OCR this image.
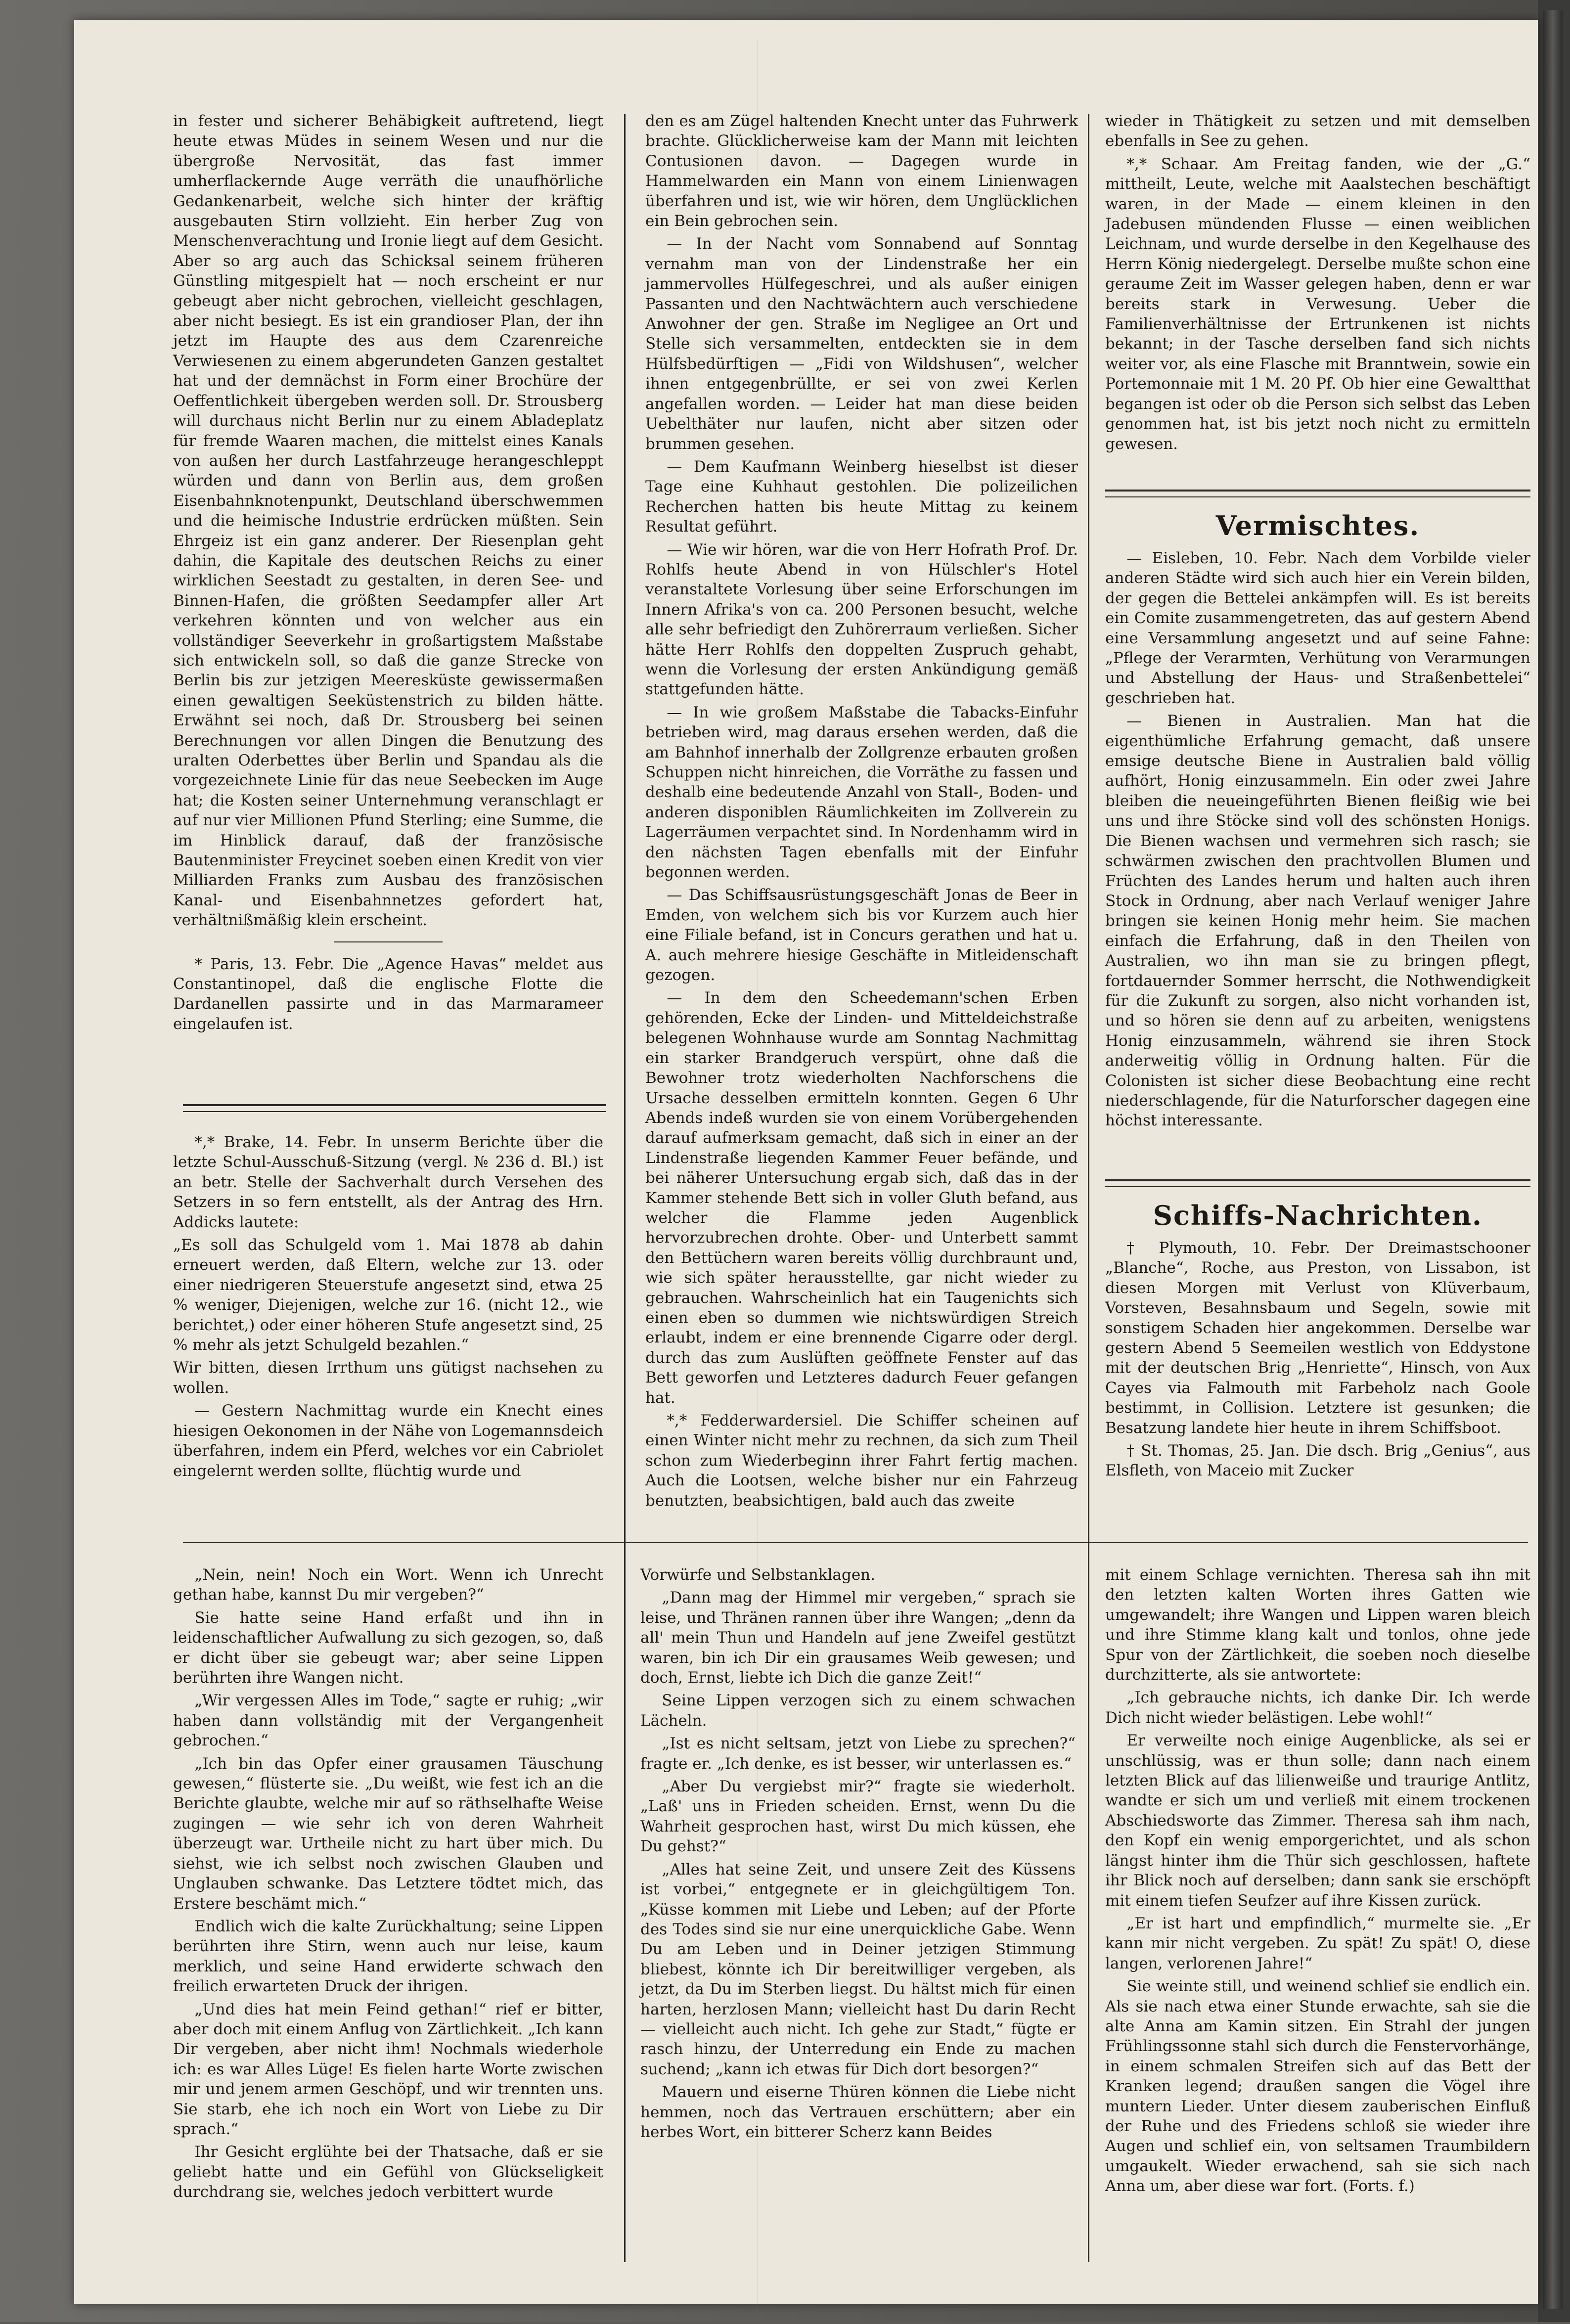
in fester und sicherer Behäbigkeit auftretend, liegt heute etwas Müdes in seinem Wesen und nur die übergroße Nervosität, das fast immer umherflackernde Auge verräth die unaufhörliche Gedankenarbeit, welche sich hinter der kräftig ausgebauten Stirn vollzieht. Ein herber Zug von Menschenverachtung und Ironie liegt auf dem Gesicht. Aber so arg auch das Schicksal seinem früheren Günstling mitgespielt hat — noch erscheint er nur gebeugt aber nicht gebrochen, vielleicht geschlagen, aber nicht besiegt. Es ist ein grandioser Plan, der ihn jetzt im Haupte des aus dem Czarenreiche Verwiesenen zu einem abgerundeten Ganzen gestaltet hat und der demnächst in Form einer Brochüre der Oeffentlichkeit übergeben werden soll. Dr. Strousberg will durchaus nicht Berlin nur zu einem Abladeplatz für fremde Waaren machen, die mittelst eines Kanals von außen her durch Lastfahrzeuge herangeschleppt würden und dann von Berlin aus, dem großen Eisenbahnknotenpunkt, Deutschland überschwemmen und die heimische Industrie erdrücken müßten. Sein Ehrgeiz ist ein ganz anderer. Der Riesenplan geht dahin, die Kapitale des deutschen Reichs zu einer wirklichen Seestadt zu gestalten, in deren See- und Binnen-Hafen, die größten Seedampfer aller Art verkehren könnten und von welcher aus ein vollständiger Seeverkehr in großartigstem Maßstabe sich entwickeln soll, so daß die ganze Strecke von Berlin bis zur jetzigen Meeresküste gewissermaßen einen gewaltigen Seeküstenstrich zu bilden hätte. Erwähnt sei noch, daß Dr. Strousberg bei seinen Berechnungen vor allen Dingen die Benutzung des uralten Oderbettes über Berlin und Spandau als die vorgezeichnete Linie für das neue Seebecken im Auge hat; die Kosten seiner Unternehmung veranschlagt er auf nur vier Millionen Pfund Sterling; eine Summe, die im Hinblick darauf, daß der französische Bautenminister Freycinet soeben einen Kredit von vier Milliarden Franks zum Ausbau des französischen Kanal- und Eisenbahnnetzes gefordert hat, verhältnißmäßig klein erscheint.

* Paris, 13. Febr. Die „Agence Havas“ meldet aus Constantinopel, daß die englische Flotte die Dardanellen passirte und in das Marmarameer eingelaufen ist.

*,* Brake, 14. Febr. In unserm Berichte über die letzte Schul-Ausschuß-Sitzung (vergl. № 236 d. Bl.) ist an betr. Stelle der Sachverhalt durch Versehen des Setzers in so fern entstellt, als der Antrag des Hrn. Addicks lautete:

„Es soll das Schulgeld vom 1. Mai 1878 ab dahin erneuert werden, daß Eltern, welche zur 13. oder einer niedrigeren Steuerstufe angesetzt sind, etwa 25 % weniger, Diejenigen, welche zur 16. (nicht 12., wie berichtet,) oder einer höheren Stufe angesetzt sind, 25 % mehr als jetzt Schulgeld bezahlen.“

Wir bitten, diesen Irrthum uns gütigst nachsehen zu wollen.

— Gestern Nachmittag wurde ein Knecht eines hiesigen Oekonomen in der Nähe von Logemannsdeich überfahren, indem ein Pferd, welches vor ein Cabriolet eingelernt werden sollte, flüchtig wurde und

den es am Zügel haltenden Knecht unter das Fuhrwerk brachte. Glücklicherweise kam der Mann mit leichten Contusionen davon. — Dagegen wurde in Hammelwarden ein Mann von einem Linienwagen überfahren und ist, wie wir hören, dem Unglücklichen ein Bein gebrochen sein.

— In der Nacht vom Sonnabend auf Sonntag vernahm man von der Lindenstraße her ein jammervolles Hülfegeschrei, und als außer einigen Passanten und den Nachtwächtern auch verschiedene Anwohner der gen. Straße im Negligee an Ort und Stelle sich versammelten, entdeckten sie in dem Hülfsbedürftigen — „Fidi von Wildshusen“, welcher ihnen entgegenbrüllte, er sei von zwei Kerlen angefallen worden. — Leider hat man diese beiden Uebelthäter nur laufen, nicht aber sitzen oder brummen gesehen.

— Dem Kaufmann Weinberg hieselbst ist dieser Tage eine Kuhhaut gestohlen. Die polizeilichen Recherchen hatten bis heute Mittag zu keinem Resultat geführt.

— Wie wir hören, war die von Herr Hofrath Prof. Dr. Rohlfs heute Abend in von Hülschler's Hotel veranstaltete Vorlesung über seine Erforschungen im Innern Afrika's von ca. 200 Personen besucht, welche alle sehr befriedigt den Zuhörerraum verließen. Sicher hätte Herr Rohlfs den doppelten Zuspruch gehabt, wenn die Vorlesung der ersten Ankündigung gemäß stattgefunden hätte.

— In wie großem Maßstabe die Tabacks-Einfuhr betrieben wird, mag daraus ersehen werden, daß die am Bahnhof innerhalb der Zollgrenze erbauten großen Schuppen nicht hinreichen, die Vorräthe zu fassen und deshalb eine bedeutende Anzahl von Stall-, Boden- und anderen disponiblen Räumlichkeiten im Zollverein zu Lagerräumen verpachtet sind. In Nordenhamm wird in den nächsten Tagen ebenfalls mit der Einfuhr begonnen werden.

— Das Schiffsausrüstungsgeschäft Jonas de Beer in Emden, von welchem sich bis vor Kurzem auch hier eine Filiale befand, ist in Concurs gerathen und hat u. A. auch mehrere hiesige Geschäfte in Mitleidenschaft gezogen.

— In dem den Scheedemann'schen Erben gehörenden, Ecke der Linden- und Mitteldeichstraße belegenen Wohnhause wurde am Sonntag Nachmittag ein starker Brandgeruch verspürt, ohne daß die Bewohner trotz wiederholten Nachforschens die Ursache desselben ermitteln konnten. Gegen 6 Uhr Abends indeß wurden sie von einem Vorübergehenden darauf aufmerksam gemacht, daß sich in einer an der Lindenstraße liegenden Kammer Feuer befände, und bei näherer Untersuchung ergab sich, daß das in der Kammer stehende Bett sich in voller Gluth befand, aus welcher die Flamme jeden Augenblick hervorzubrechen drohte. Ober- und Unterbett sammt den Bettüchern waren bereits völlig durchbraunt und, wie sich später herausstellte, gar nicht wieder zu gebrauchen. Wahrscheinlich hat ein Taugenichts sich einen eben so dummen wie nichtswürdigen Streich erlaubt, indem er eine brennende Cigarre oder dergl. durch das zum Auslüften geöffnete Fenster auf das Bett geworfen und Letzteres dadurch Feuer gefangen hat.

*,* Fedderwardersiel. Die Schiffer scheinen auf einen Winter nicht mehr zu rechnen, da sich zum Theil schon zum Wiederbeginn ihrer Fahrt fertig machen. Auch die Lootsen, welche bisher nur ein Fahrzeug benutzten, beabsichtigen, bald auch das zweite

wieder in Thätigkeit zu setzen und mit demselben ebenfalls in See zu gehen.

*,* Schaar. Am Freitag fanden, wie der „G.“ mittheilt, Leute, welche mit Aaalstechen beschäftigt waren, in der Made — einem kleinen in den Jadebusen mündenden Flusse — einen weiblichen Leichnam, und wurde derselbe in den Kegelhause des Herrn König niedergelegt. Derselbe mußte schon eine geraume Zeit im Wasser gelegen haben, denn er war bereits stark in Verwesung. Ueber die Familienverhältnisse der Ertrunkenen ist nichts bekannt; in der Tasche derselben fand sich nichts weiter vor, als eine Flasche mit Branntwein, sowie ein Portemonnaie mit 1 M. 20 Pf. Ob hier eine Gewaltthat begangen ist oder ob die Person sich selbst das Leben genommen hat, ist bis jetzt noch nicht zu ermitteln gewesen.

Vermischtes.

— Eisleben, 10. Febr. Nach dem Vorbilde vieler anderen Städte wird sich auch hier ein Verein bilden, der gegen die Bettelei ankämpfen will. Es ist bereits ein Comite zusammengetreten, das auf gestern Abend eine Versammlung angesetzt und auf seine Fahne: „Pflege der Verarmten, Verhütung von Verarmungen und Abstellung der Haus- und Straßenbettelei“ geschrieben hat.

— Bienen in Australien. Man hat die eigenthümliche Erfahrung gemacht, daß unsere emsige deutsche Biene in Australien bald völlig aufhört, Honig einzusammeln. Ein oder zwei Jahre bleiben die neueingeführten Bienen fleißig wie bei uns und ihre Stöcke sind voll des schönsten Honigs. Die Bienen wachsen und vermehren sich rasch; sie schwärmen zwischen den prachtvollen Blumen und Früchten des Landes herum und halten auch ihren Stock in Ordnung, aber nach Verlauf weniger Jahre bringen sie keinen Honig mehr heim. Sie machen einfach die Erfahrung, daß in den Theilen von Australien, wo ihn man sie zu bringen pflegt, fortdauernder Sommer herrscht, die Nothwendigkeit für die Zukunft zu sorgen, also nicht vorhanden ist, und so hören sie denn auf zu arbeiten, wenigstens Honig einzusammeln, während sie ihren Stock anderweitig völlig in Ordnung halten. Für die Colonisten ist sicher diese Beobachtung eine recht niederschlagende, für die Naturforscher dagegen eine höchst interessante.

Schiffs-Nachrichten.

† Plymouth, 10. Febr. Der Dreimastschooner „Blanche“, Roche, aus Preston, von Lissabon, ist diesen Morgen mit Verlust von Klüverbaum, Vorsteven, Besahnsbaum und Segeln, sowie mit sonstigem Schaden hier angekommen. Derselbe war gestern Abend 5 Seemeilen westlich von Eddystone mit der deutschen Brig „Henriette“, Hinsch, von Aux Cayes via Falmouth mit Farbeholz nach Goole bestimmt, in Collision. Letztere ist gesunken; die Besatzung landete hier heute in ihrem Schiffsboot.

† St. Thomas, 25. Jan. Die dsch. Brig „Genius“, aus Elsfleth, von Maceio mit Zucker

„Nein, nein! Noch ein Wort. Wenn ich Unrecht gethan habe, kannst Du mir vergeben?“

Sie hatte seine Hand erfaßt und ihn in leidenschaftlicher Aufwallung zu sich gezogen, so, daß er dicht über sie gebeugt war; aber seine Lippen berührten ihre Wangen nicht.

„Wir vergessen Alles im Tode,“ sagte er ruhig; „wir haben dann vollständig mit der Vergangenheit gebrochen.“

„Ich bin das Opfer einer grausamen Täuschung gewesen,“ flüsterte sie. „Du weißt, wie fest ich an die Berichte glaubte, welche mir auf so räthselhafte Weise zugingen — wie sehr ich von deren Wahrheit überzeugt war. Urtheile nicht zu hart über mich. Du siehst, wie ich selbst noch zwischen Glauben und Unglauben schwanke. Das Letztere tödtet mich, das Erstere beschämt mich.“

Endlich wich die kalte Zurückhaltung; seine Lippen berührten ihre Stirn, wenn auch nur leise, kaum merklich, und seine Hand erwiderte schwach den freilich erwarteten Druck der ihrigen.

„Und dies hat mein Feind gethan!“ rief er bitter, aber doch mit einem Anflug von Zärtlichkeit. „Ich kann Dir vergeben, aber nicht ihm! Nochmals wiederhole ich: es war Alles Lüge! Es fielen harte Worte zwischen mir und jenem armen Geschöpf, und wir trennten uns. Sie starb, ehe ich noch ein Wort von Liebe zu Dir sprach.“

Ihr Gesicht erglühte bei der Thatsache, daß er sie geliebt hatte und ein Gefühl von Glückseligkeit durchdrang sie, welches jedoch verbittert wurde

Vorwürfe und Selbstanklagen.

„Dann mag der Himmel mir vergeben,“ sprach sie leise, und Thränen rannen über ihre Wangen; „denn da all' mein Thun und Handeln auf jene Zweifel gestützt waren, bin ich Dir ein grausames Weib gewesen; und doch, Ernst, liebte ich Dich die ganze Zeit!“

Seine Lippen verzogen sich zu einem schwachen Lächeln.

„Ist es nicht seltsam, jetzt von Liebe zu sprechen?“ fragte er. „Ich denke, es ist besser, wir unterlassen es.“

„Aber Du vergiebst mir?“ fragte sie wiederholt. „Laß' uns in Frieden scheiden. Ernst, wenn Du die Wahrheit gesprochen hast, wirst Du mich küssen, ehe Du gehst?“

„Alles hat seine Zeit, und unsere Zeit des Küssens ist vorbei,“ entgegnete er in gleichgültigem Ton. „Küsse kommen mit Liebe und Leben; auf der Pforte des Todes sind sie nur eine unerquickliche Gabe. Wenn Du am Leben und in Deiner jetzigen Stimmung bliebest, könnte ich Dir bereitwilliger vergeben, als jetzt, da Du im Sterben liegst. Du hältst mich für einen harten, herzlosen Mann; vielleicht hast Du darin Recht — vielleicht auch nicht. Ich gehe zur Stadt,“ fügte er rasch hinzu, der Unterredung ein Ende zu machen suchend; „kann ich etwas für Dich dort besorgen?“

Mauern und eiserne Thüren können die Liebe nicht hemmen, noch das Vertrauen erschüttern; aber ein herbes Wort, ein bitterer Scherz kann Beides

mit einem Schlage vernichten. Theresa sah ihn mit den letzten kalten Worten ihres Gatten wie umgewandelt; ihre Wangen und Lippen waren bleich und ihre Stimme klang kalt und tonlos, ohne jede Spur von der Zärtlichkeit, die soeben noch dieselbe durchzitterte, als sie antwortete:

„Ich gebrauche nichts, ich danke Dir. Ich werde Dich nicht wieder belästigen. Lebe wohl!“

Er verweilte noch einige Augenblicke, als sei er unschlüssig, was er thun solle; dann nach einem letzten Blick auf das lilienweiße und traurige Antlitz, wandte er sich um und verließ mit einem trockenen Abschiedsworte das Zimmer. Theresa sah ihm nach, den Kopf ein wenig emporgerichtet, und als schon längst hinter ihm die Thür sich geschlossen, haftete ihr Blick noch auf derselben; dann sank sie erschöpft mit einem tiefen Seufzer auf ihre Kissen zurück.

„Er ist hart und empfindlich,“ murmelte sie. „Er kann mir nicht vergeben. Zu spät! Zu spät! O, diese langen, verlorenen Jahre!“

Sie weinte still, und weinend schlief sie endlich ein. Als sie nach etwa einer Stunde erwachte, sah sie die alte Anna am Kamin sitzen. Ein Strahl der jungen Frühlingssonne stahl sich durch die Fenstervorhänge, in einem schmalen Streifen sich auf das Bett der Kranken legend; draußen sangen die Vögel ihre muntern Lieder. Unter diesem zauberischen Einfluß der Ruhe und des Friedens schloß sie wieder ihre Augen und schlief ein, von seltsamen Traumbildern umgaukelt. Wieder erwachend, sah sie sich nach Anna um, aber diese war fort. (Forts. f.)
